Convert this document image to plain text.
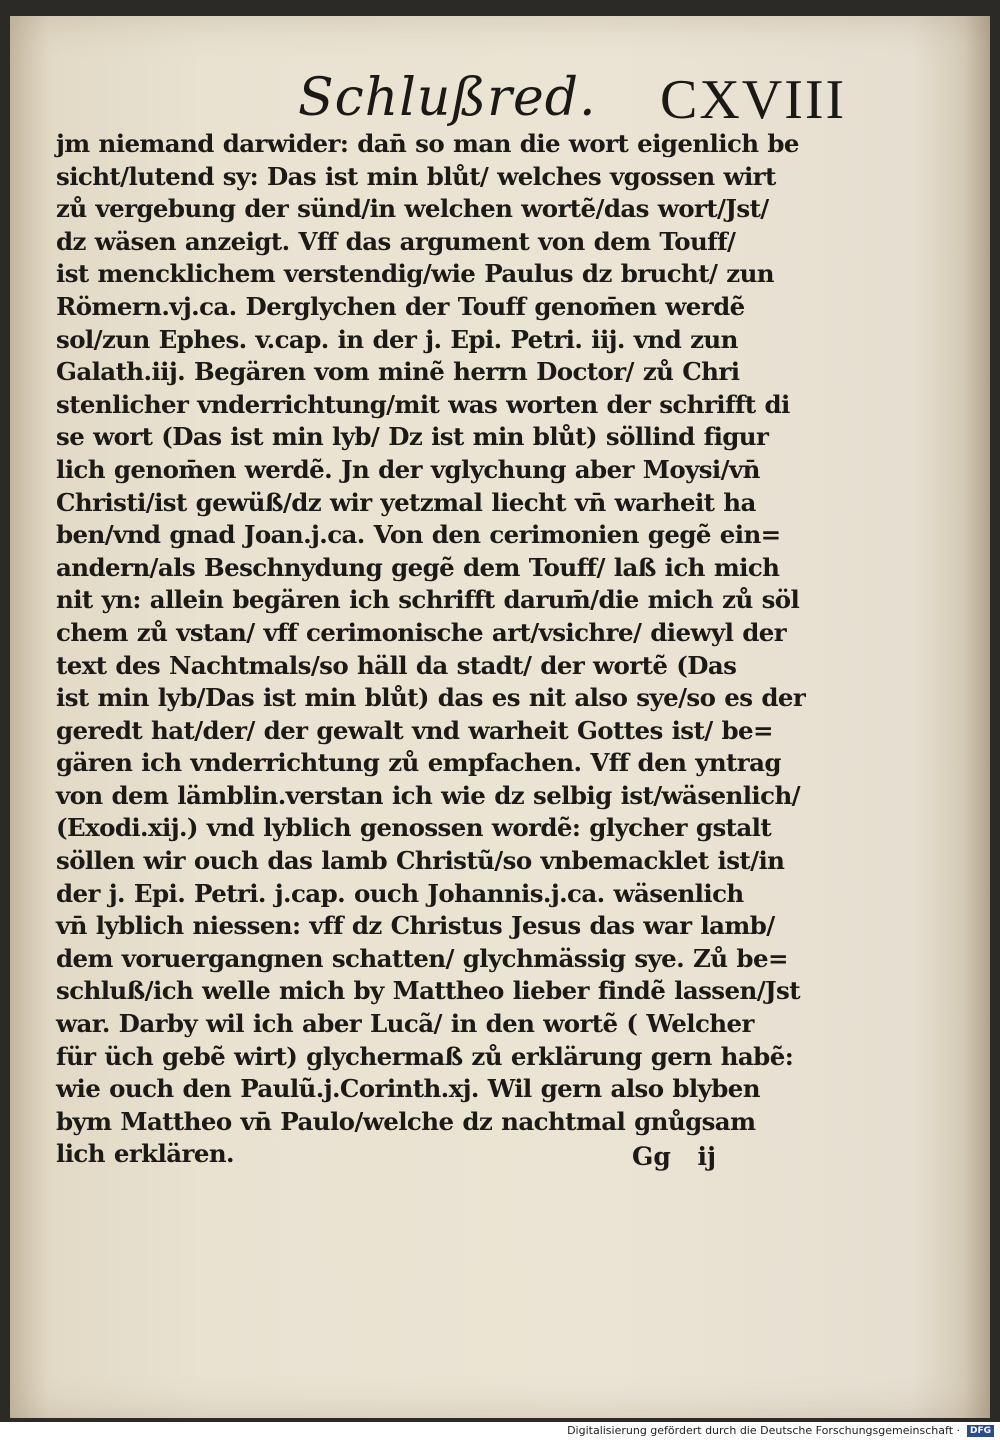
Schlußred. CXVIII
jm niemand darwider: dan̄ so man die wort eigenlich be
sicht/lutend sy: Das ist min blůt/ welches vgossen wirt
zů vergebung der sünd/in welchen wortẽ/das wort/Jst/
dz wäsen anzeigt. Vff das argument von dem Touff/
ist mencklichem verstendig/wie Paulus dz brucht/ zun
Römern.vj.ca. Derglychen der Touff genom̄en werdẽ
sol/zun Ephes. v.cap. in der j. Epi. Petri. iij. vnd zun
Galath.iij. Begären vom minẽ herrn Doctor/ zů Chri
stenlicher vnderrichtung/mit was worten der schrifft di
se wort (Das ist min lyb/ Dz ist min blůt) söllind figur
lich genom̄en werdẽ. Jn der vglychung aber Moysi/vn̄
Christi/ist gewüß/dz wir yetzmal liecht vn̄ warheit ha
ben/vnd gnad Joan.j.ca. Von den cerimonien gegẽ ein=
andern/als Beschnydung gegẽ dem Touff/ laß ich mich
nit yn: allein begären ich schrifft darum̄/die mich zů söl
chem zů vstan/ vff cerimonische art/vsichre/ diewyl der
text des Nachtmals/so häll da stadt/ der wortẽ (Das
ist min lyb/Das ist min blůt) das es nit also sye/so es der
geredt hat/der/ der gewalt vnd warheit Gottes ist/ be=
gären ich vnderrichtung zů empfachen. Vff den yntrag
von dem lämblin.verstan ich wie dz selbig ist/wäsenlich/
(Exodi.xij.) vnd lyblich genossen wordẽ: glycher gstalt
söllen wir ouch das lamb Christũ/so vnbemacklet ist/in
der j. Epi. Petri. j.cap. ouch Johannis.j.ca. wäsenlich
vn̄ lyblich niessen: vff dz Christus Jesus das war lamb/
dem voruergangnen schatten/ glychmässig sye. Zů be=
schluß/ich welle mich by Mattheo lieber findẽ lassen/Jst
war. Darby wil ich aber Lucã/ in den wortẽ ( Welcher
für üch gebẽ wirt) glychermaß zů erklärung gern habẽ:
wie ouch den Paulũ.j.Corinth.xj. Wil gern also blyben
bym Mattheo vn̄ Paulo/welche dz nachtmal gnůgsam
lich erklären.	Gg ij
Digitalisierung gefördert durch die Deutsche Forschungsgemeinschaft ·	DFG
